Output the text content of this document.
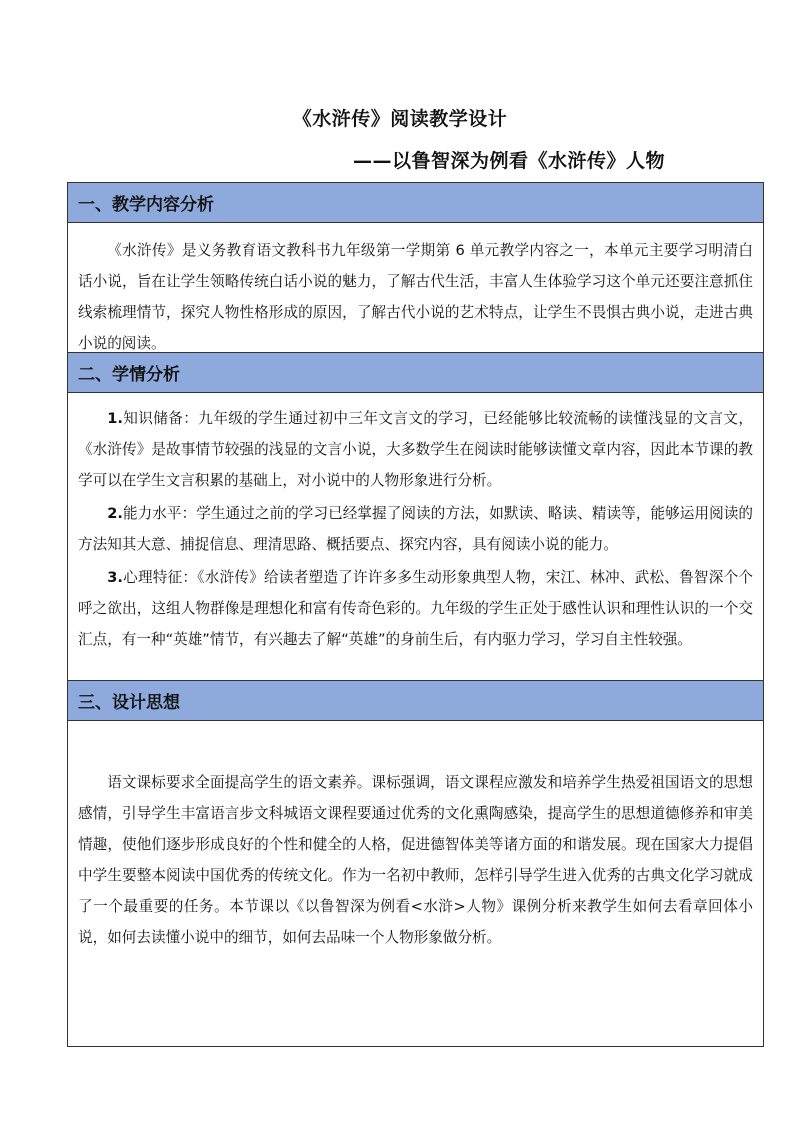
《水浒传》阅读教学设计
——以鲁智深为例看《水浒传》人物
一、教学内容分析

《水浒传》是义务教育语文教科书九年级第一学期第 6 单元教学内容之一，本单元主要学习明清白话小说，旨在让学生领略传统白话小说的魅力，了解古代生活，丰富人生体验学习这个单元还要注意抓住线索梳理情节，探究人物性格形成的原因，了解古代小说的艺术特点，让学生不畏惧古典小说，走进古典小说的阅读。

二、学情分析

1.知识储备：九年级的学生通过初中三年文言文的学习，已经能够比较流畅的读懂浅显的文言文，《水浒传》是故事情节较强的浅显的文言小说，大多数学生在阅读时能够读懂文章内容，因此本节课的教学可以在学生文言积累的基础上，对小说中的人物形象进行分析。

2.能力水平：学生通过之前的学习已经掌握了阅读的方法，如默读、略读、精读等，能够运用阅读的方法知其大意、捕捉信息、理清思路、概括要点、探究内容，具有阅读小说的能力。

3.心理特征：《水浒传》给读者塑造了许许多多生动形象典型人物，宋江、林冲、武松、鲁智深个个呼之欲出，这组人物群像是理想化和富有传奇色彩的。九年级的学生正处于感性认识和理性认识的一个交汇点，有一种“英雄”情节，有兴趣去了解“英雄”的身前生后，有内驱力学习，学习自主性较强。

三、设计思想

语文课标要求全面提高学生的语文素养。课标强调，语文课程应激发和培养学生热爱祖国语文的思想感情，引导学生丰富语言步文科城语文课程要通过优秀的文化熏陶感染，提高学生的思想道德修养和审美情趣，使他们逐步形成良好的个性和健全的人格，促进德智体美等诸方面的和谐发展。现在国家大力提倡中学生要整本阅读中国优秀的传统文化。作为一名初中教师，怎样引导学生进入优秀的古典文化学习就成了一个最重要的任务。本节课以《以鲁智深为例看<水浒>人物》课例分析来教学生如何去看章回体小说，如何去读懂小说中的细节，如何去品味一个人物形象做分析。
